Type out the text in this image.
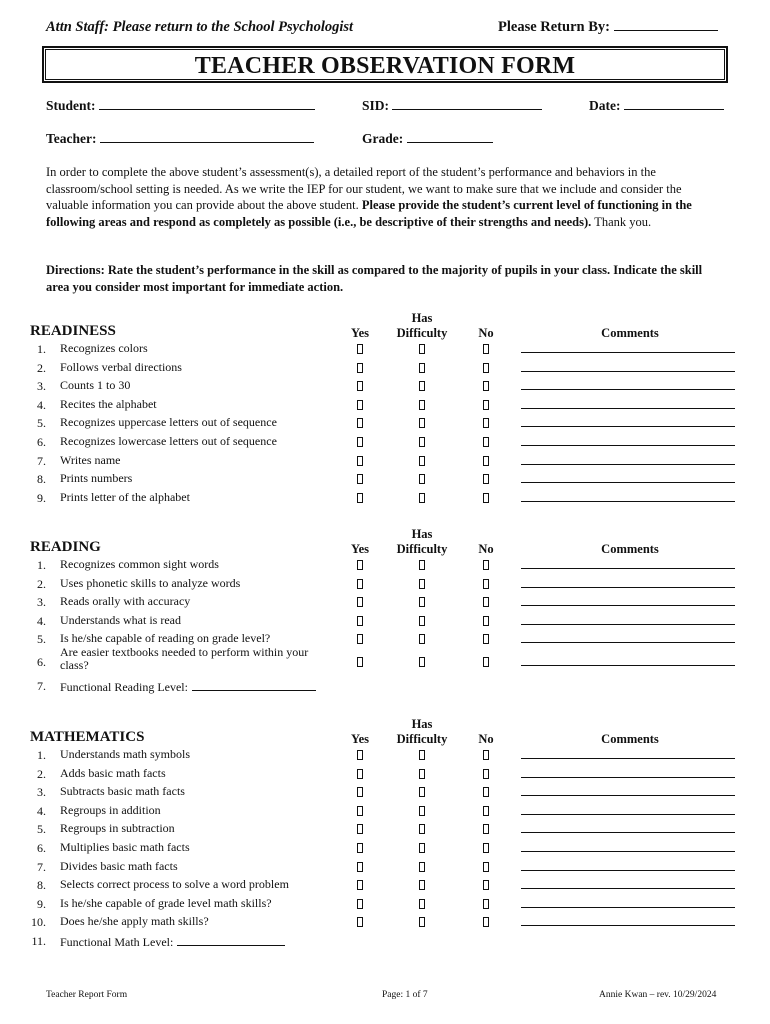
Attn Staff: Please return to the School Psychologist	Please Return By:
TEACHER OBSERVATION FORM
Student:	SID:	Date:
Teacher:	Grade:
In order to complete the above student’s assessment(s), a detailed report of the student’s performance and behaviors in the classroom/school setting is needed. As we write the IEP for our student, we want to make sure that we include and consider the valuable information you can provide about the above student. Please provide the student’s current level of functioning in the following areas and respond as completely as possible (i.e., be descriptive of their strengths and needs). Thank you.
Directions: Rate the student’s performance in the skill as compared to the majority of pupils in your class. Indicate the skill area you consider most important for immediate action.
READINESS	Yes
Has
Difficulty	No	Comments
1. Recognizes colors
2. Follows verbal directions
3. Counts 1 to 30
4. Recites the alphabet
5. Recognizes uppercase letters out of sequence
6. Recognizes lowercase letters out of sequence
7. Writes name
8. Prints numbers
9. Prints letter of the alphabet
READING	Yes
Has
Difficulty	No	Comments
1. Recognizes common sight words
2. Uses phonetic skills to analyze words
3. Reads orally with accuracy
4. Understands what is read
5. Is he/she capable of reading on grade level?
6.
Are easier textbooks needed to perform within your class?
7. Functional Reading Level:
MATHEMATICS	Yes
Has
Difficulty	No	Comments
1. Understands math symbols
2. Adds basic math facts
3. Subtracts basic math facts
4. Regroups in addition
5. Regroups in subtraction
6. Multiplies basic math facts
7. Divides basic math facts
8. Selects correct process to solve a word problem
9. Is he/she capable of grade level math skills?
10. Does he/she apply math skills?
11. Functional Math Level:
Teacher Report Form	Page: 1 of 7	Annie Kwan – rev. 10/29/2024
